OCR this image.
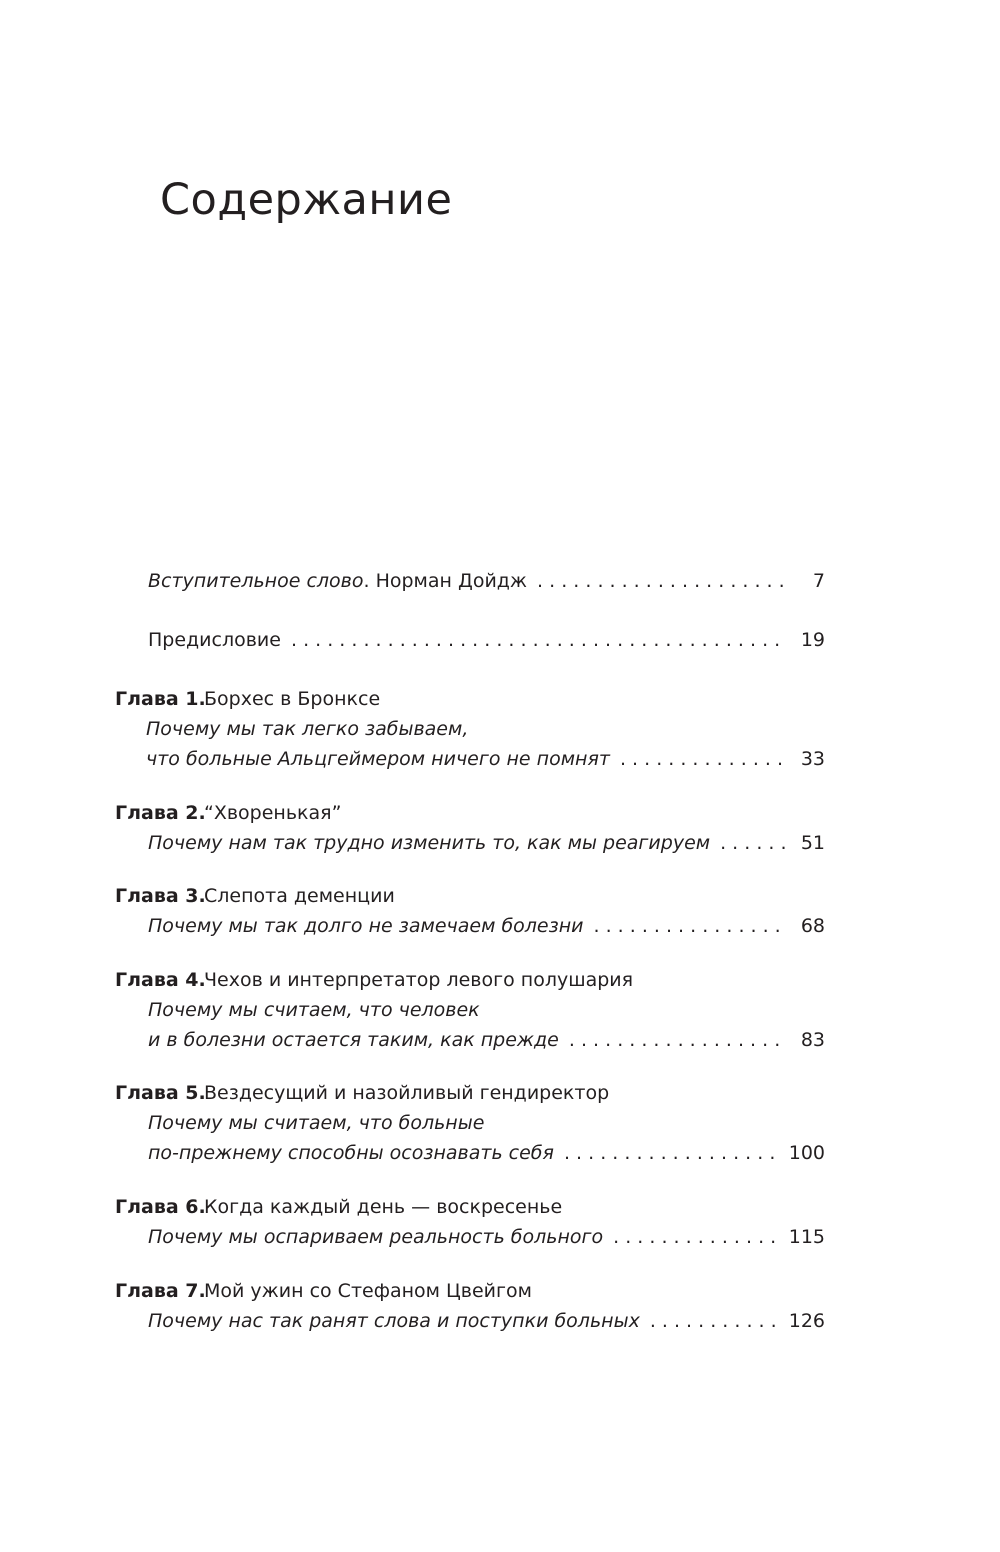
Содержание
Вступительное слово . Норман Дойдж . . .	7
Предисловие . . .	19
Глава 1.
Борхес в Бронксе
Почему мы так легко забываем,
что больные Альцгеймером ничего не помнят . . .	33
Глава 2.
“Хворенькая”
Почему нам так трудно изменить то, как мы реагируем . . .	51
Глава 3.
Слепота деменции
Почему мы так долго не замечаем болезни . . .	68
Глава 4.
Чехов и интерпретатор левого полушария
Почему мы считаем, что человек
и в болезни остается таким, как прежде . . .	83
Глава 5.
Вездесущий и назойливый гендиректор
Почему мы считаем, что больные
по-прежнему способны осознавать себя . . .	100
Глава 6.
Когда каждый день — воскресенье
Почему мы оспариваем реальность больного . . .	115
Глава 7.
Мой ужин со Стефаном Цвейгом
Почему нас так ранят слова и поступки больных . . .	126
